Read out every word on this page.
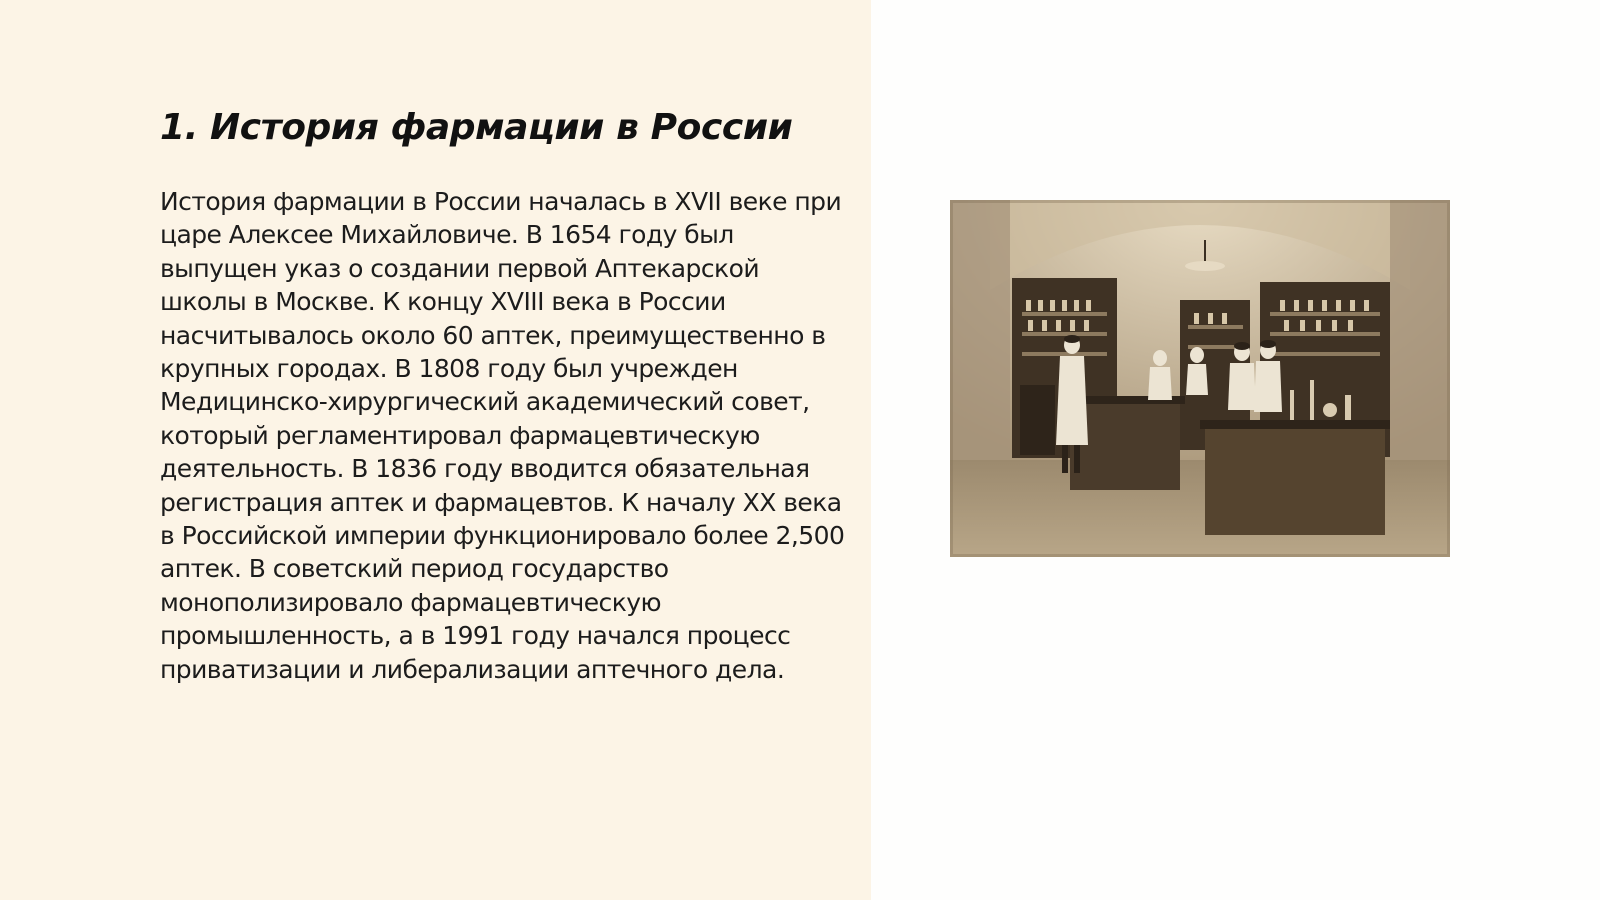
1. История фармации в России

История фармации в России началась в XVII веке при царе Алексее Михайловиче. В 1654 году был выпущен указ о создании первой Аптекарской школы в Москве. К концу XVIII века в России насчитывалось около 60 аптек, преимущественно в крупных городах. В 1808 году был учрежден Медицинско-хирургический академический совет, который регламентировал фармацевтическую деятельность. В 1836 году вводится обязательная регистрация аптек и фармацевтов. К началу XX века в Российской империи функционировало более 2,500 аптек. В советский период государство монополизировало фармацевтическую промышленность, а в 1991 году начался процесс приватизации и либерализации аптечного дела.
